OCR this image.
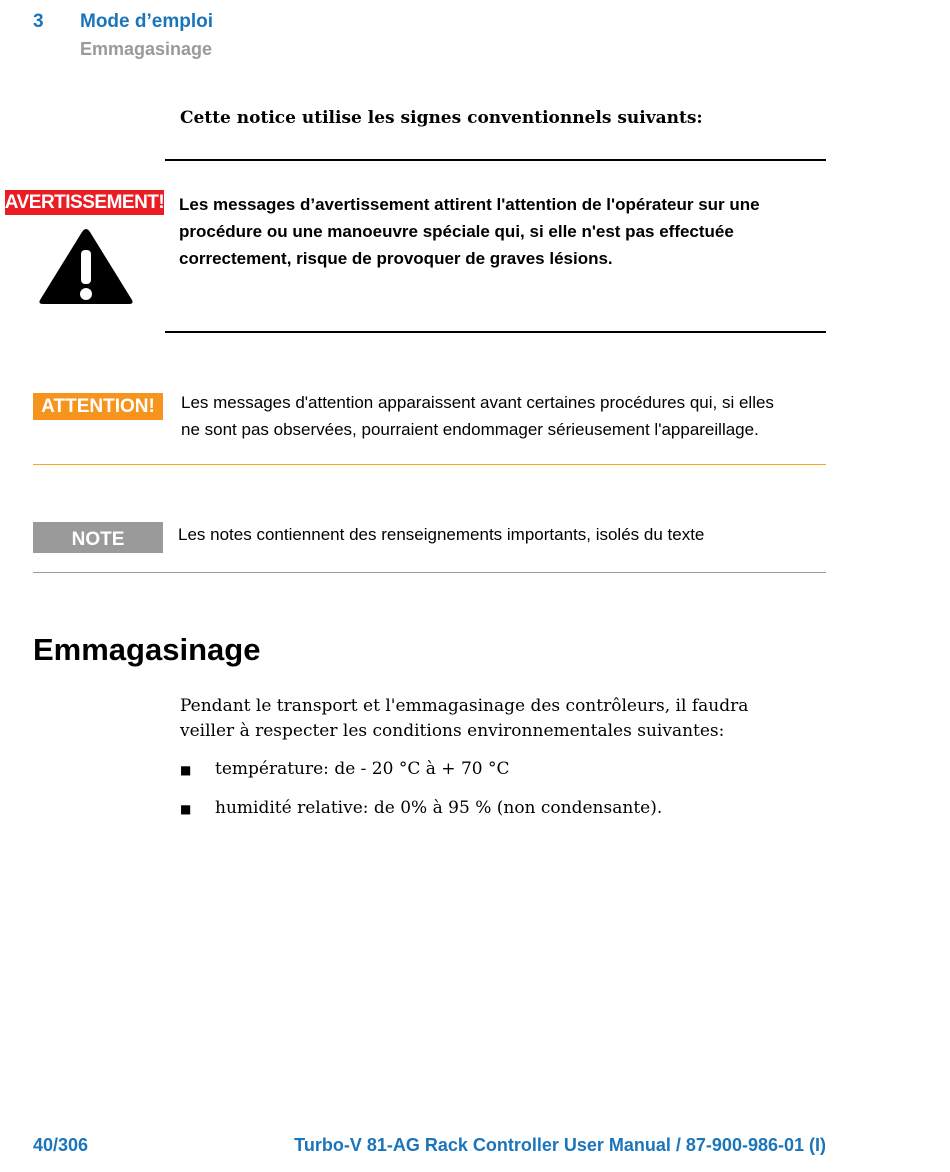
3 Mode d’emploi
Emmagasinage
Cette notice utilise les signes conventionnels suivants:
AVERTISSEMENT! Les messages d’avertissement attirent l'attention de l'opérateur sur une
procédure ou une manoeuvre spéciale qui, si elle n'est pas effectuée
correctement, risque de provoquer de graves lésions.
ATTENTION!	Les messages d'attention apparaissent avant certaines procédures qui, si elles
ne sont pas observées, pourraient endommager sérieusement l'appareillage.
NOTE	Les notes contiennent des renseignements importants, isolés du texte
Emmagasinage
Pendant le transport et l'emmagasinage des contrôleurs, il faudra
veiller à respecter les conditions environnementales suivantes:
■	température: de - 20 °C à + 70 °C
■	humidité relative: de 0% à 95 % (non condensante).
40/306	Turbo-V 81-AG Rack Controller User Manual / 87-900-986-01 (I)
